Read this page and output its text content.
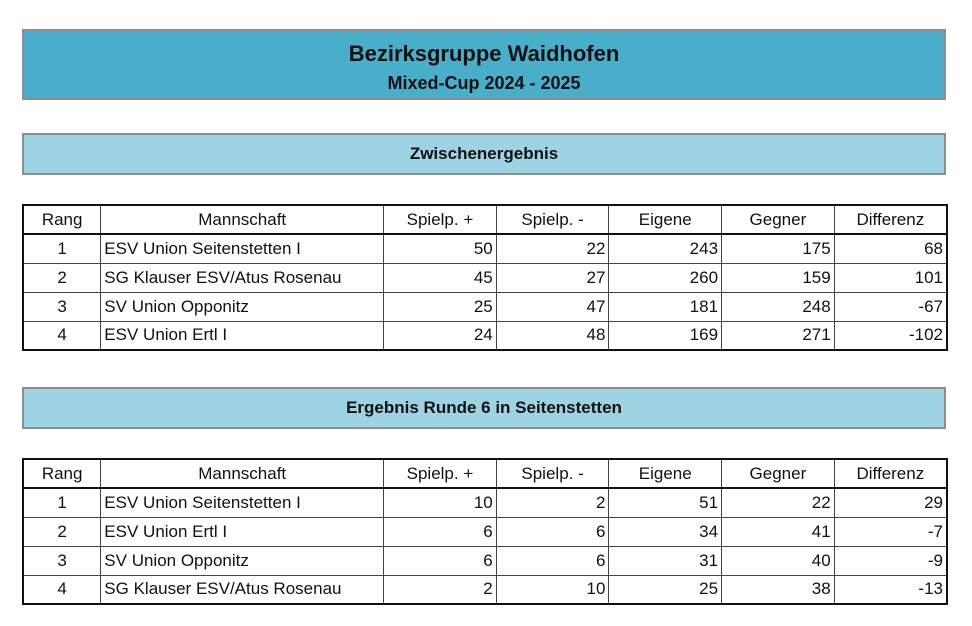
Bezirksgruppe Waidhofen
Mixed-Cup 2024 - 2025
Zwischenergebnis
Rang	Mannschaft	Spielp. +	Spielp. -	Eigene	Gegner	Differenz
1	ESV Union Seitenstetten I	50	22	243	175	68
2	SG Klauser ESV/Atus Rosenau	45	27	260	159	101
3	SV Union Opponitz	25	47	181	248	-67
4	ESV Union Ertl I	24	48	169	271	-102
Ergebnis Runde 6 in Seitenstetten
Rang	Mannschaft	Spielp. +	Spielp. -	Eigene	Gegner	Differenz
1	ESV Union Seitenstetten I	10	2	51	22	29
2	ESV Union Ertl I	6	6	34	41	-7
3	SV Union Opponitz	6	6	31	40	-9
4	SG Klauser ESV/Atus Rosenau	2	10	25	38	-13
